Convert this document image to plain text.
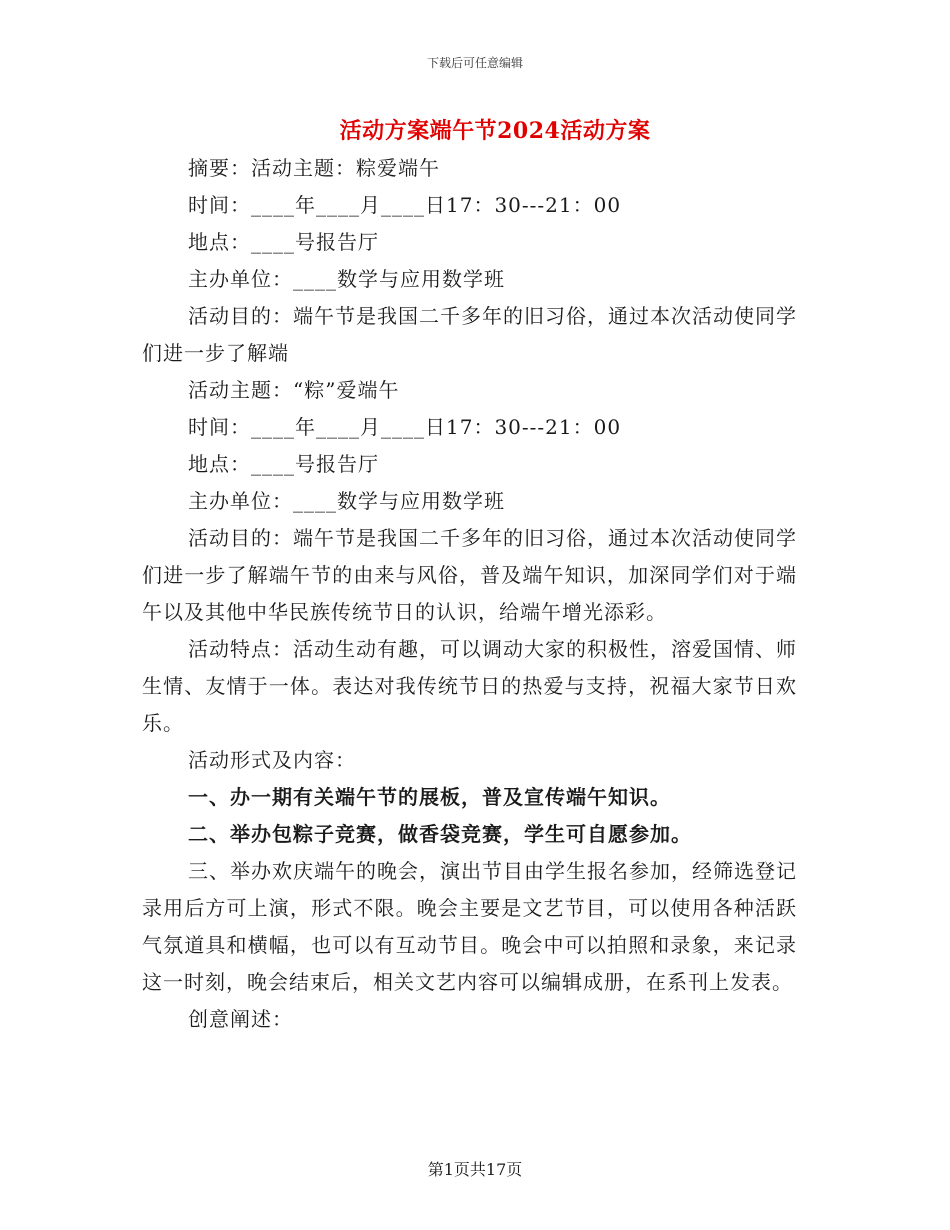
下载后可任意编辑
活动方案端午节2024活动方案

摘要：活动主题：粽爱端午

时间：____年____月____日17：30---21：00

地点：____号报告厅

主办单位：____数学与应用数学班

活动目的：端午节是我国二千多年的旧习俗，通过本次活动使同学们进一步了解端

活动主题：“粽”爱端午

时间：____年____月____日17：30---21：00

地点：____号报告厅

主办单位：____数学与应用数学班

活动目的：端午节是我国二千多年的旧习俗，通过本次活动使同学们进一步了解端午节的由来与风俗，普及端午知识，加深同学们对于端午以及其他中华民族传统节日的认识，给端午增光添彩。

活动特点：活动生动有趣，可以调动大家的积极性，溶爱国情、师生情、友情于一体。表达对我传统节日的热爱与支持，祝福大家节日欢乐。

活动形式及内容：

一、办一期有关端午节的展板，普及宣传端午知识。

二、举办包粽子竞赛，做香袋竞赛，学生可自愿参加。

三、举办欢庆端午的晚会，演出节目由学生报名参加，经筛选登记录用后方可上演，形式不限。晚会主要是文艺节目，可以使用各种活跃气氛道具和横幅，也可以有互动节目。晚会中可以拍照和录象，来记录这一时刻，晚会结束后，相关文艺内容可以编辑成册，在系刊上发表。

创意阐述：

第1页共17页
